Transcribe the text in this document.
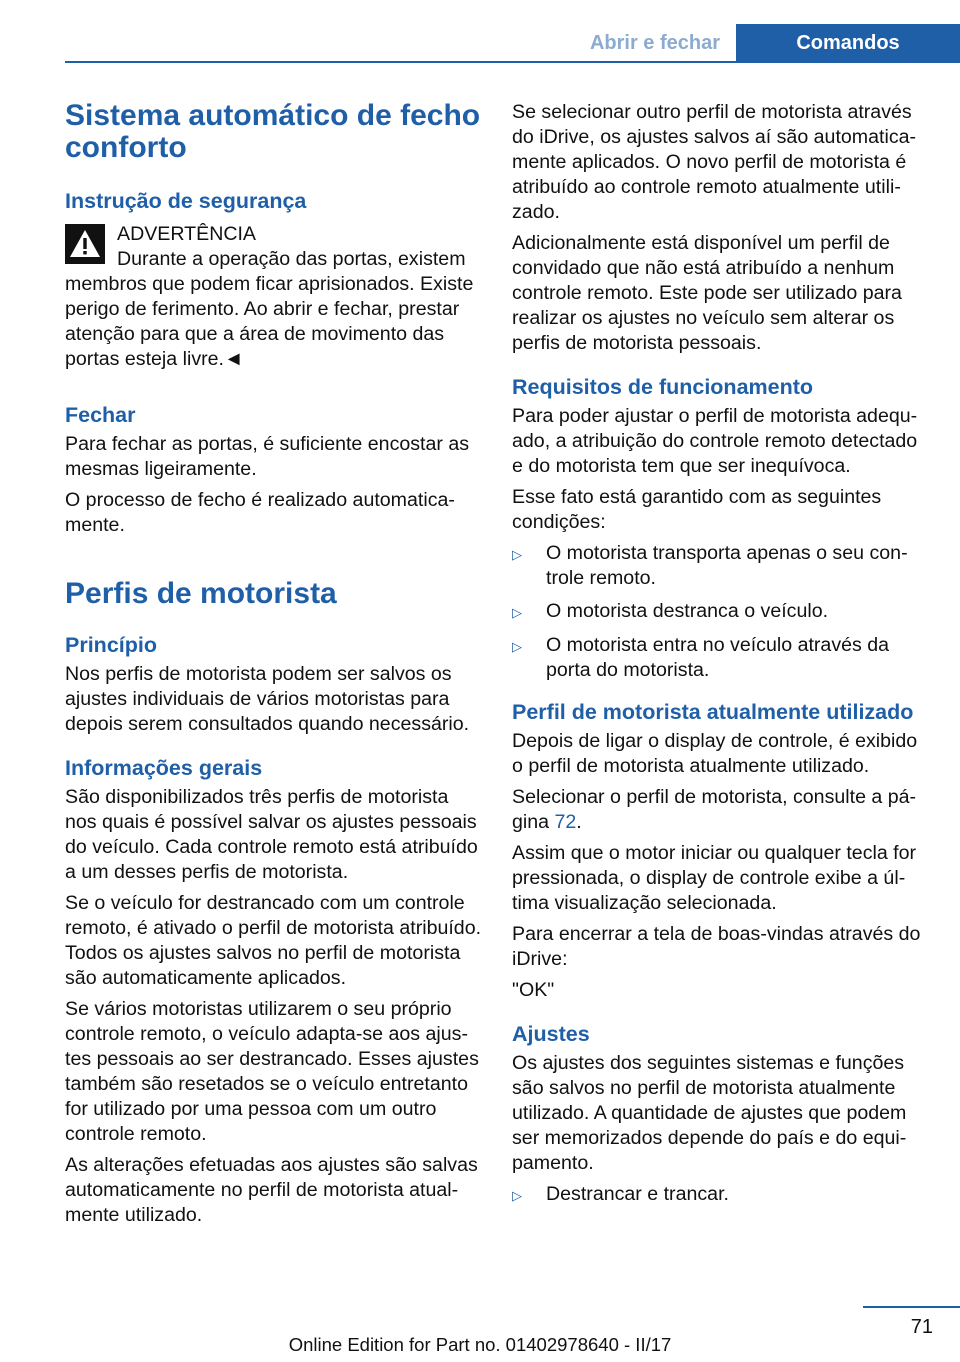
Abrir e fechar	Comandos
Sistema automático de fecho conforto
Instrução de segurança

ADVERTÊNCIA

Durante a operação das portas, existem membros que podem ficar aprisionados. Existe perigo de ferimento. Ao abrir e fechar, prestar atenção para que a área de movimento das portas esteja livre.◄

Fechar

Para fechar as portas, é suficiente encostar as mesmas ligeiramente.

O processo de fecho é realizado automaticamente.

Perfis de motorista
Princípio

Nos perfis de motorista podem ser salvos os ajustes individuais de vários motoristas para depois serem consultados quando necessário.

Informações gerais

São disponibilizados três perfis de motorista nos quais é possível salvar os ajustes pessoais do veículo. Cada controle remoto está atribuído a um desses perfis de motorista.

Se o veículo for destrancado com um controle remoto, é ativado o perfil de motorista atribuído. Todos os ajustes salvos no perfil de motorista são automaticamente aplicados.

Se vários motoristas utilizarem o seu próprio controle remoto, o veículo adapta-se aos ajustes pessoais ao ser destrancado. Esses ajustes também são resetados se o veículo entretanto for utilizado por uma pessoa com um outro controle remoto.

As alterações efetuadas aos ajustes são salvas automaticamente no perfil de motorista atualmente utilizado.

Se selecionar outro perfil de motorista através do iDrive, os ajustes salvos aí são automaticamente aplicados. O novo perfil de motorista é atribuído ao controle remoto atualmente utilizado.

Adicionalmente está disponível um perfil de convidado que não está atribuído a nenhum controle remoto. Este pode ser utilizado para realizar os ajustes no veículo sem alterar os perfis de motorista pessoais.

Requisitos de funcionamento

Para poder ajustar o perfil de motorista adequado, a atribuição do controle remoto detectado e do motorista tem que ser inequívoca.

Esse fato está garantido com as seguintes condições:

▷	O motorista transporta apenas o seu controle remoto.
▷	O motorista destranca o veículo.
▷	O motorista entra no veículo através da porta do motorista.
Perfil de motorista atualmente utilizado

Depois de ligar o display de controle, é exibido o perfil de motorista atualmente utilizado.

Selecionar o perfil de motorista, consulte a página 72.

Assim que o motor iniciar ou qualquer tecla for pressionada, o display de controle exibe a última visualização selecionada.

Para encerrar a tela de boas-vindas através do iDrive:

"OK"

Ajustes

Os ajustes dos seguintes sistemas e funções são salvos no perfil de motorista atualmente utilizado. A quantidade de ajustes que podem ser memorizados depende do país e do equipamento.

▷	Destrancar e trancar.
71
Online Edition for Part no. 01402978640 - II/17
